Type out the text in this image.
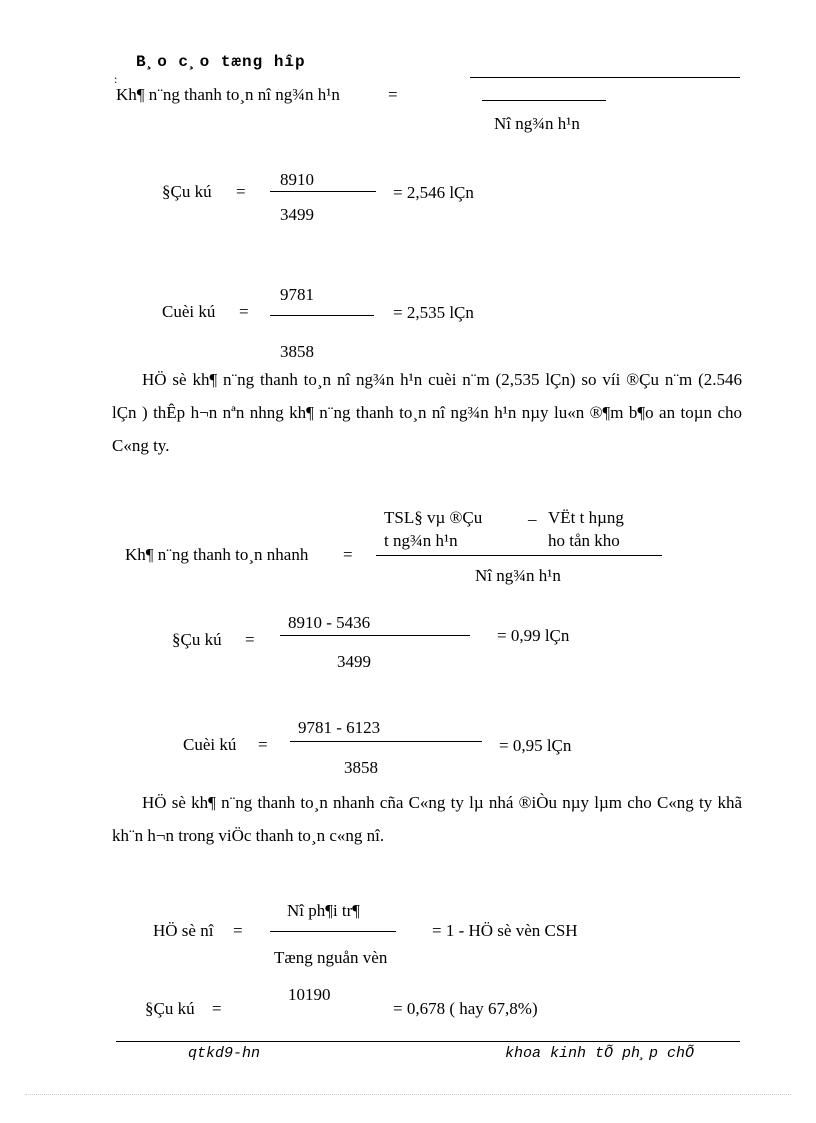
B¸o c¸o tæng hîp
:
Kh¶ n¨ng thanh to¸n nî ng¾n h¹n	=
Nî ng¾n h¹n
§Çu kú =
8910
3499
= 2,546 lÇn
Cuèi kú =
9781
3858
= 2,535 lÇn
HÖ sè kh¶ n¨ng thanh to¸n nî ng¾n h¹n cuèi n¨m (2,535 lÇn) so víi ®Çu n¨m (2.546 lÇn ) thÊp h¬n nªn nhng kh¶ n¨ng thanh to¸n nî ng¾n h¹n nµy lu«n ®¶m b¶o an toµn cho C«ng ty.
TSL§ vµ ®Çu
t ng¾n h¹n
_ VËt t hµng
ho tån kho
Kh¶ n¨ng thanh to¸n nhanh =
Nî ng¾n h¹n
§Çu kú =
8910 - 5436
3499
= 0,99 lÇn
Cuèi kú =
9781 - 6123
3858
= 0,95 lÇn
HÖ sè kh¶ n¨ng thanh to¸n nhanh cña C«ng ty lµ nhá ®iÒu nµy lµm cho C«ng ty khã kh¨n h¬n trong viÖc thanh to¸n c«ng nî.
Nî ph¶i tr¶
Tæng nguån vèn
HÖ sè nî =	= 1 - HÖ sè vèn CSH
§Çu kú =
10190
= 0,678 ( hay 67,8%)
qtkd9-hn	khoa kinh tÕ ph¸p chÕ
